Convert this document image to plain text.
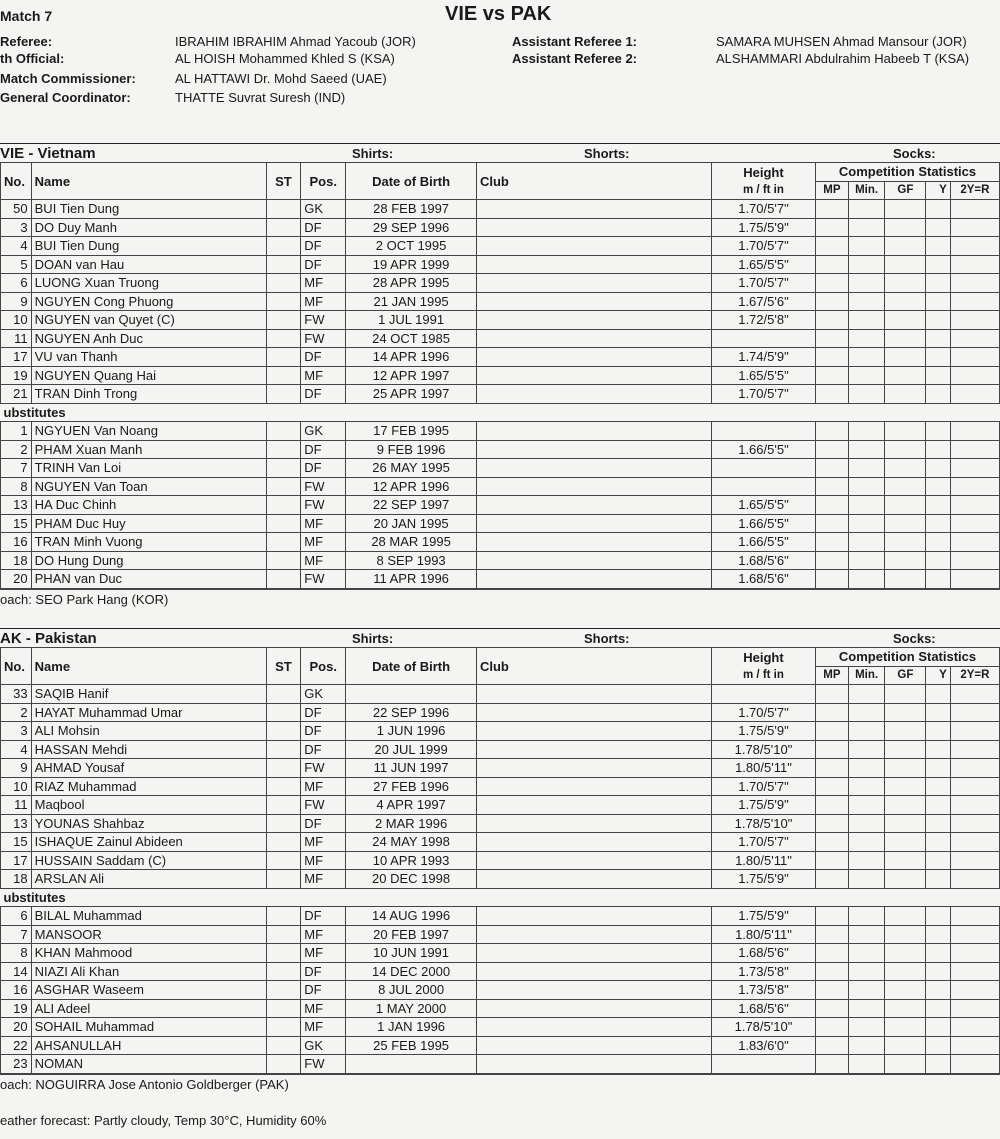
Match 7	VIE vs PAK
Referee:	IBRAHIM IBRAHIM Ahmad Yacoub (JOR)
th Official:	AL HOISH Mohammed Khled S (KSA)
Match Commissioner:	AL HATTAWI Dr. Mohd Saeed (UAE)
General Coordinator:	THATTE Suvrat Suresh (IND)
Assistant Referee 1:	SAMARA MUHSEN Ahmad Mansour (JOR)
Assistant Referee 2:	ALSHAMMARI Abdulrahim Habeeb T (KSA)
VIE - Vietnam	Shirts:	Shorts:	Socks:
No.	Name	ST	Pos.	Date of Birth	Club	Height	Competition Statistics				
						m / ft in	MP	Min.	GF	Y	2Y=R
50	BUI Tien Dung		GK	28 FEB 1997		1.70/5'7"					
3	DO Duy Manh		DF	29 SEP 1996		1.75/5'9"					
4	BUI Tien Dung		DF	2 OCT 1995		1.70/5'7"					
5	DOAN van Hau		DF	19 APR 1999		1.65/5'5"					
6	LUONG Xuan Truong		MF	28 APR 1995		1.70/5'7"					
9	NGUYEN Cong Phuong		MF	21 JAN 1995		1.67/5'6"					
10	NGUYEN van Quyet (C)		FW	1 JUL 1991		1.72/5'8"					
11	NGUYEN Anh Duc		FW	24 OCT 1985							
17	VU van Thanh		DF	14 APR 1996		1.74/5'9"					
19	NGUYEN Quang Hai		MF	12 APR 1997		1.65/5'5"					
21	TRAN Dinh Trong		DF	25 APR 1997		1.70/5'7"					
ubstitutes											
1	NGYUEN Van Noang		GK	17 FEB 1995							
2	PHAM Xuan Manh		DF	9 FEB 1996		1.66/5'5"					
7	TRINH Van Loi		DF	26 MAY 1995							
8	NGUYEN Van Toan		FW	12 APR 1996							
13	HA Duc Chinh		FW	22 SEP 1997		1.65/5'5"					
15	PHAM Duc Huy		MF	20 JAN 1995		1.66/5'5"					
16	TRAN Minh Vuong		MF	28 MAR 1995		1.66/5'5"					
18	DO Hung Dung		MF	8 SEP 1993		1.68/5'6"					
20	PHAN van Duc		FW	11 APR 1996		1.68/5'6"					
oach: SEO Park Hang (KOR)
AK - Pakistan	Shirts:	Shorts:	Socks:
No.	Name	ST	Pos.	Date of Birth	Club	Height	Competition Statistics				
						m / ft in	MP	Min.	GF	Y	2Y=R
33	SAQIB Hanif		GK								
2	HAYAT Muhammad Umar		DF	22 SEP 1996		1.70/5'7"					
3	ALI Mohsin		DF	1 JUN 1996		1.75/5'9"					
4	HASSAN Mehdi		DF	20 JUL 1999		1.78/5'10"					
9	AHMAD Yousaf		FW	11 JUN 1997		1.80/5'11"					
10	RIAZ Muhammad		MF	27 FEB 1996		1.70/5'7"					
11	Maqbool		FW	4 APR 1997		1.75/5'9"					
13	YOUNAS Shahbaz		DF	2 MAR 1996		1.78/5'10"					
15	ISHAQUE Zainul Abideen		MF	24 MAY 1998		1.70/5'7"					
17	HUSSAIN Saddam (C)		MF	10 APR 1993		1.80/5'11"					
18	ARSLAN Ali		MF	20 DEC 1998		1.75/5'9"					
ubstitutes											
6	BILAL Muhammad		DF	14 AUG 1996		1.75/5'9"					
7	MANSOOR		MF	20 FEB 1997		1.80/5'11"					
8	KHAN Mahmood		MF	10 JUN 1991		1.68/5'6"					
14	NIAZI Ali Khan		DF	14 DEC 2000		1.73/5'8"					
16	ASGHAR Waseem		DF	8 JUL 2000		1.73/5'8"					
19	ALI Adeel		MF	1 MAY 2000		1.68/5'6"					
20	SOHAIL Muhammad		MF	1 JAN 1996		1.78/5'10"					
22	AHSANULLAH		GK	25 FEB 1995		1.83/6'0"					
23	NOMAN		FW								
oach: NOGUIRRA Jose Antonio Goldberger (PAK)
eather forecast: Partly cloudy, Temp 30°C, Humidity 60%
